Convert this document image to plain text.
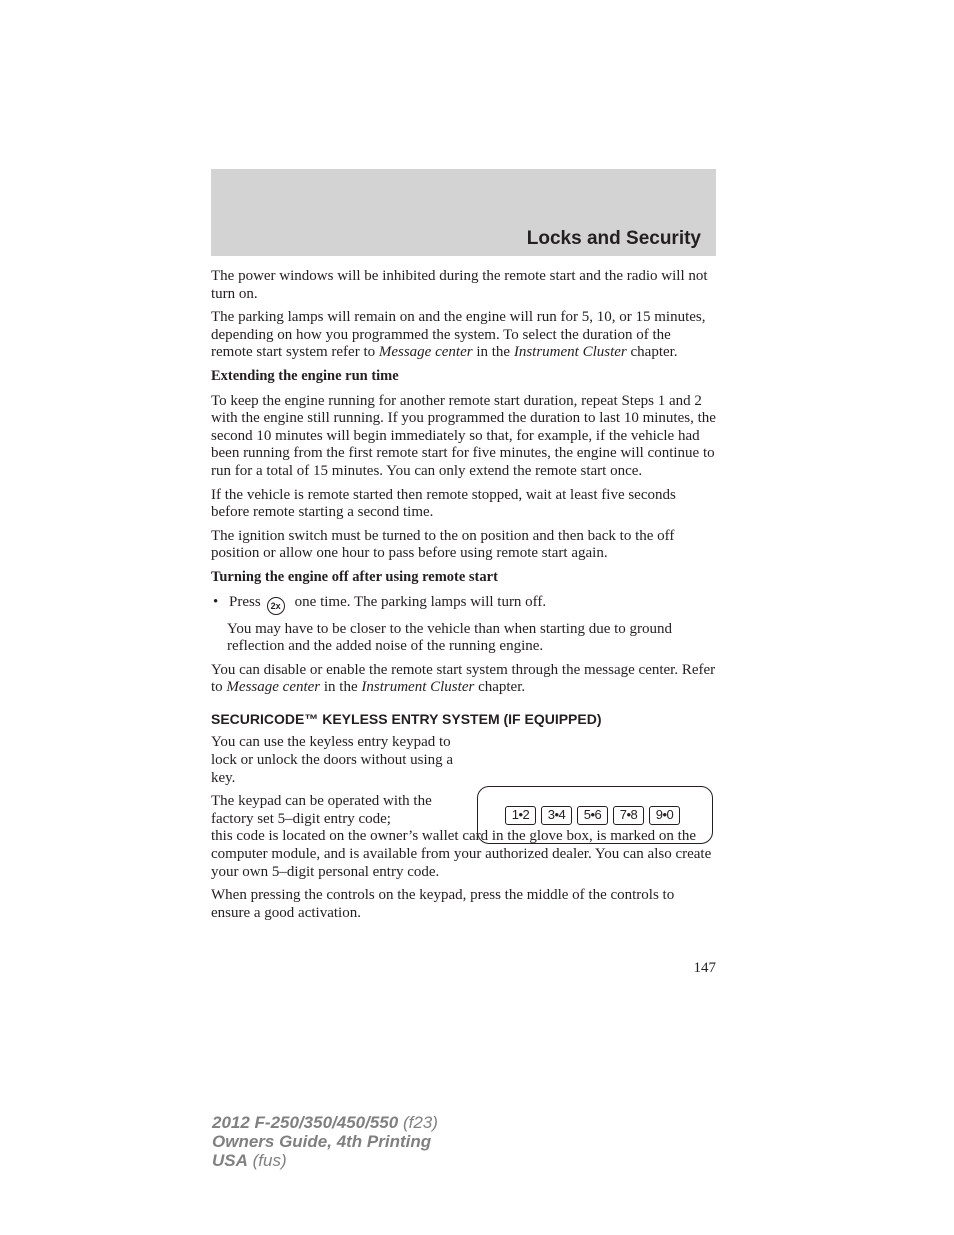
Locks and Security

The power windows will be inhibited during the remote start and the radio will not turn on.

The parking lamps will remain on and the engine will run for 5, 10, or 15 minutes, depending on how you programmed the system. To select the duration of the remote start system refer to Message center in the Instrument Cluster chapter.

Extending the engine run time

To keep the engine running for another remote start duration, repeat Steps 1 and 2 with the engine still running. If you programmed the duration to last 10 minutes, the second 10 minutes will begin immediately so that, for example, if the vehicle had been running from the first remote start for five minutes, the engine will continue to run for a total of 15 minutes. You can only extend the remote start once.

If the vehicle is remote started then remote stopped, wait at least five seconds before remote starting a second time.

The ignition switch must be turned to the on position and then back to the off position or allow one hour to pass before using remote start again.

Turning the engine off after using remote start

• Press 2x one time. The parking lamps will turn off.

You may have to be closer to the vehicle than when starting due to ground reflection and the added noise of the running engine.

You can disable or enable the remote start system through the message center. Refer to Message center in the Instrument Cluster chapter.

SECURICODE™ KEYLESS ENTRY SYSTEM (IF EQUIPPED)

You can use the keyless entry keypad to lock or unlock the doors without using a key.

The keypad can be operated with the factory set 5–digit entry code;
this code is located on the owner’s wallet card in the glove box, is marked on the computer module, and is available from your authorized dealer. You can also create your own 5–digit personal entry code.

When pressing the controls on the keypad, press the middle of the controls to ensure a good activation.

1•2	3•4	5•6	7•8	9•0
147
2012 F-250/350/450/550 (f23)
Owners Guide, 4th Printing
USA (fus)
